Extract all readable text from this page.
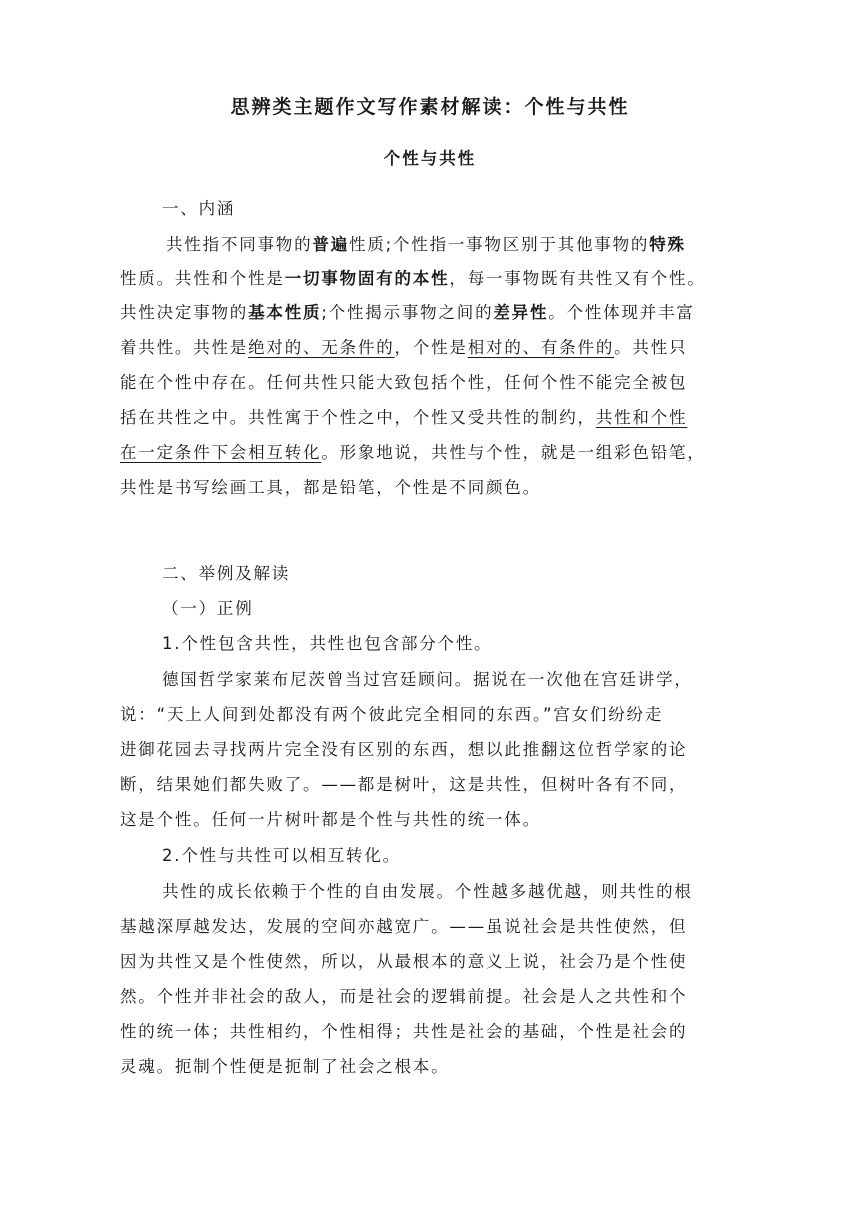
思辨类主题作文写作素材解读：个性与共性
个性与共性

一、内涵

共性指不同事物的普遍性质;个性指一事物区别于其他事物的特殊

性质。共性和个性是一切事物固有的本性，每一事物既有共性又有个性。

共性决定事物的基本性质;个性揭示事物之间的差异性。个性体现并丰富

着共性。共性是绝对的、无条件的，个性是相对的、有条件的。共性只

能在个性中存在。任何共性只能大致包括个性，任何个性不能完全被包

括在共性之中。共性寓于个性之中，个性又受共性的制约，共性和个性

在一定条件下会相互转化。形象地说，共性与个性，就是一组彩色铅笔，

共性是书写绘画工具，都是铅笔，个性是不同颜色。

二、举例及解读

（一）正例

1.个性包含共性，共性也包含部分个性。

德国哲学家莱布尼茨曾当过宫廷顾问。据说在一次他在宫廷讲学，

说：“天上人间到处都没有两个彼此完全相同的东西。”宫女们纷纷走

进御花园去寻找两片完全没有区别的东西，想以此推翻这位哲学家的论

断，结果她们都失败了。——都是树叶，这是共性，但树叶各有不同，

这是个性。任何一片树叶都是个性与共性的统一体。

2.个性与共性可以相互转化。

共性的成长依赖于个性的自由发展。个性越多越优越，则共性的根

基越深厚越发达，发展的空间亦越宽广。——虽说社会是共性使然，但

因为共性又是个性使然，所以，从最根本的意义上说，社会乃是个性使

然。个性并非社会的敌人，而是社会的逻辑前提。社会是人之共性和个

性的统一体；共性相约，个性相得；共性是社会的基础，个性是社会的

灵魂。扼制个性便是扼制了社会之根本。
